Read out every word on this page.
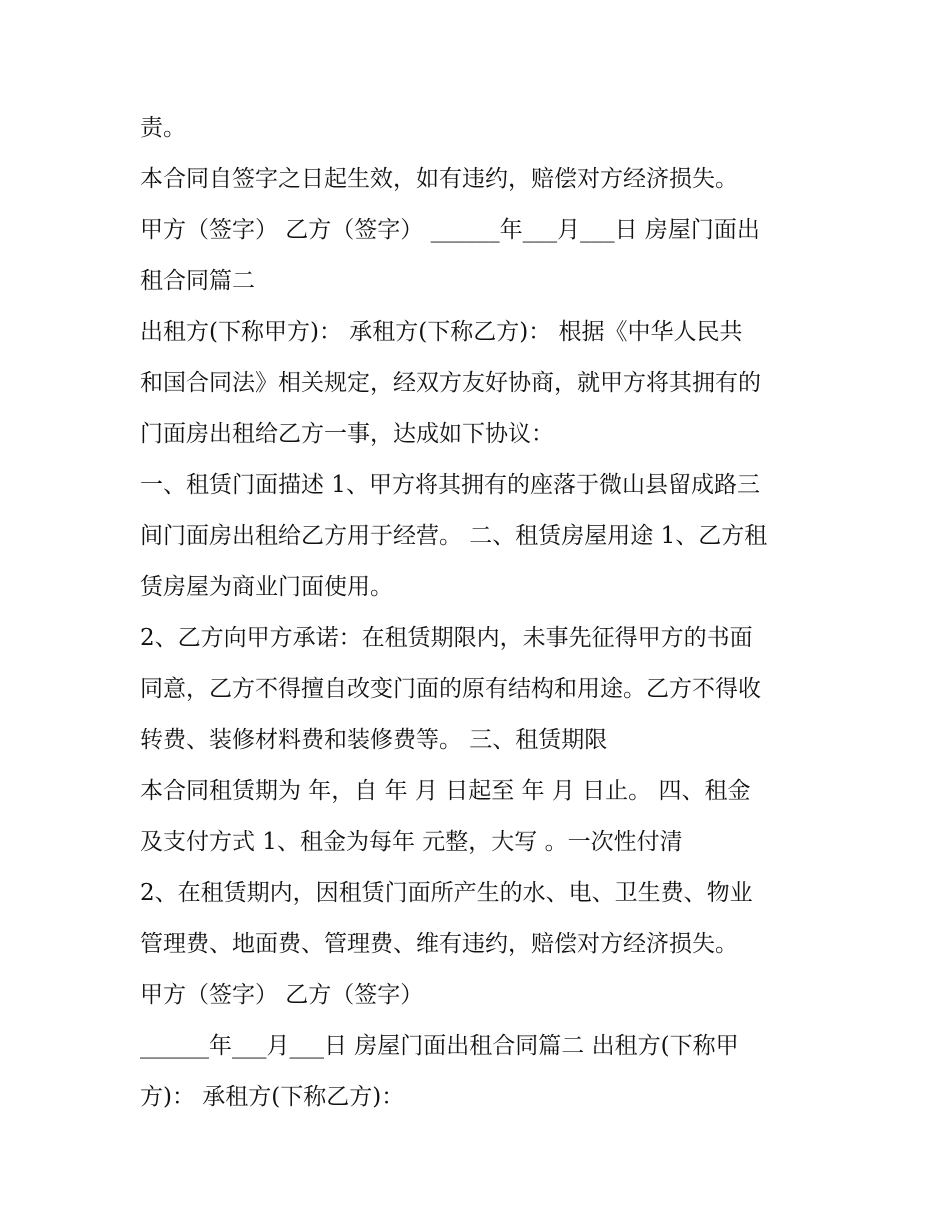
责。

本合同自签字之日起生效，如有违约，赔偿对方经济损失。

甲方（签字） 乙方（签字） ______年___月___日 房屋门面出

租合同篇二

出租方(下称甲方)： 承租方(下称乙方)： 根据《中华人民共

和国合同法》相关规定，经双方友好协商，就甲方将其拥有的

门面房出租给乙方一事，达成如下协议：

一、租赁门面描述 1、甲方将其拥有的座落于微山县留成路三

间门面房出租给乙方用于经营。 二、租赁房屋用途 1、乙方租

赁房屋为商业门面使用。

2、乙方向甲方承诺：在租赁期限内，未事先征得甲方的书面

同意，乙方不得擅自改变门面的原有结构和用途。乙方不得收

转费、装修材料费和装修费等。 三、租赁期限

本合同租赁期为 年，自 年 月 日起至 年 月 日止。 四、租金

及支付方式 1、租金为每年 元整，大写 。一次性付清

2、在租赁期内，因租赁门面所产生的水、电、卫生费、物业

管理费、地面费、管理费、维有违约，赔偿对方经济损失。

甲方（签字） 乙方（签字）

______年___月___日 房屋门面出租合同篇二 出租方(下称甲

方)： 承租方(下称乙方)：
